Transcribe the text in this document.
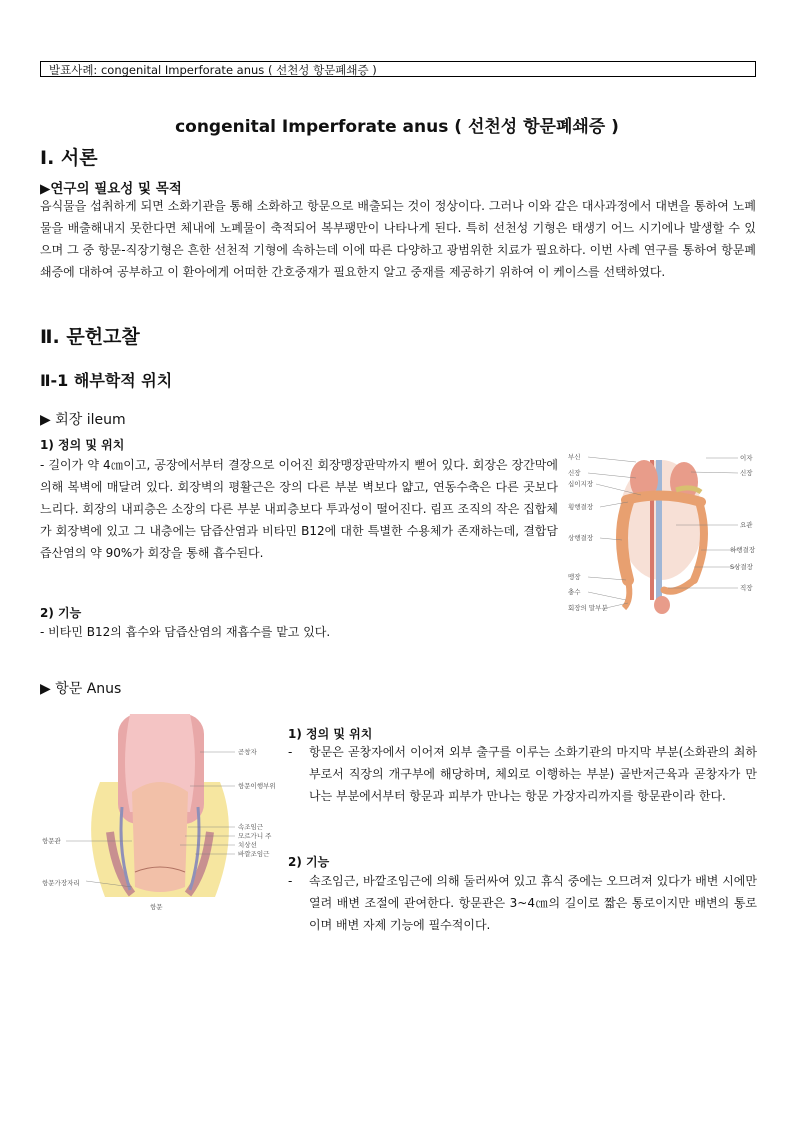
발표사례: congenital Imperforate anus ( 선천성 항문폐쇄증 )
congenital Imperforate anus ( 선천성 항문폐쇄증 )
Ⅰ. 서론
▶연구의 필요성 및 목적

음식물을 섭취하게 되면 소화기관을 통해 소화하고 항문으로 배출되는 것이 정상이다. 그러나 이와 같은 대사과정에서 대변을 통하여 노폐물을 배출해내지 못한다면 체내에 노폐물이 축적되어 복부팽만이 나타나게 된다. 특히 선천성 기형은 태생기 어느 시기에나 발생할 수 있으며 그 중 항문-직장기형은 흔한 선천적 기형에 속하는데 이에 따른 다양하고 광범위한 치료가 필요하다. 이번 사례 연구를 통하여 항문폐쇄증에 대하여 공부하고 이 환아에게 어떠한 간호중재가 필요한지 알고 중재를 제공하기 위하여 이 케이스를 선택하였다.

Ⅱ. 문헌고찰
Ⅱ-1 해부학적 위치
▶ 회장 ileum
1) 정의 및 위치

- 길이가 약 4㎝이고, 공장에서부터 결장으로 이어진 회장맹장판막까지 뻗어 있다. 회장은 장간막에 의해 복벽에 매달려 있다. 회장벽의 평활근은 장의 다른 부분 벽보다 얇고, 연동수축은 다른 곳보다 느리다. 회장의 내피층은 소장의 다른 부분 내피층보다 투과성이 떨어진다. 림프 조직의 작은 집합체가 회장벽에 있고 그 내층에는 담즙산염과 비타민 B12에 대한 특별한 수용체가 존재하는데, 결합담즙산염의 약 90%가 회장을 통해 흡수된다.

2) 기능

- 비타민 B12의 흡수와 담즙산염의 재흡수를 맡고 있다.

부신
신장
십이지장
횡행결장
상행결장
맹장
충수
회장의 말부분
이자
신장
요관
하행결장
S상결장
직장
▶ 항문 Anus
곧창자
항문이행부위
속조임근
모르가니 주
치상선
바깥조임근
항문관
항문가장자리
항문
1) 정의 및 위치
- 항문은 곧창자에서 이어져 외부 출구를 이루는 소화기관의 마지막 부분(소화관의 최하부로서 직장의 개구부에 해당하며, 체외로 이행하는 부분) 골반저근육과 곧창자가 만나는 부분에서부터 항문과 피부가 만나는 항문 가장자리까지를 항문관이라 한다.

2) 기능
- 속조임근, 바깥조임근에 의해 둘러싸여 있고 휴식 중에는 오므려져 있다가 배변 시에만 열려 배변 조절에 관여한다. 항문관은 3~4㎝의 길이로 짧은 통로이지만 배변의 통로이며 배변 자제 기능에 필수적이다.
